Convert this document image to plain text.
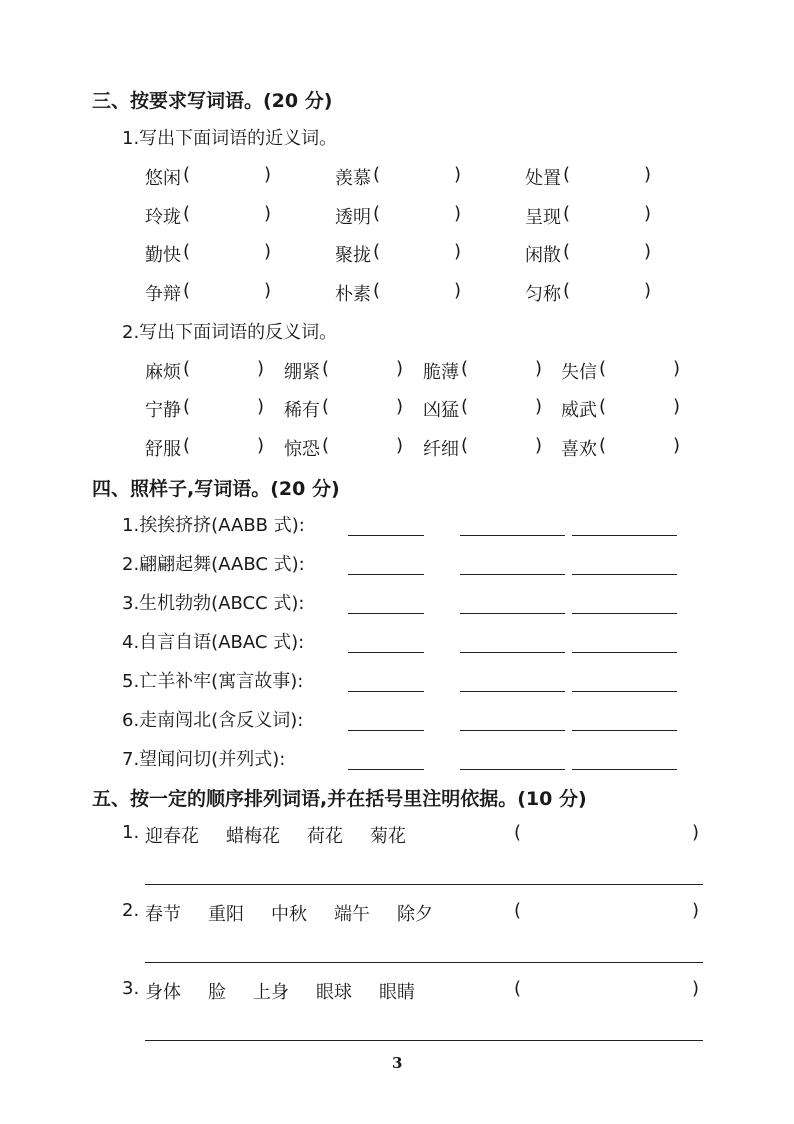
三、按要求写词语。(20 分)
1.写出下面词语的近义词。
悠闲 (	)	羡慕 (	)	处置 (	)
玲珑 (	)	透明 (	)	呈现 (	)
勤快 (	)	聚拢 (	)	闲散 (	)
争辩 (	)	朴素 (	)	匀称 (	)
2.写出下面词语的反义词。
麻烦 (	) 绷紧 (	) 脆薄 (	) 失信 (	)
宁静 (	) 稀有 (	) 凶猛 (	) 威武 (	)
舒服 (	) 惊恐 (	) 纤细 (	) 喜欢 (	)
四、照样子,写词语。(20 分)
1.挨挨挤挤(AABB 式):
2.翩翩起舞(AABC 式):
3.生机勃勃(ABCC 式):
4.自言自语(ABAC 式):
5.亡羊补牢(寓言故事):
6.走南闯北(含反义词):
7.望闻问切(并列式):
五、按一定的顺序排列词语,并在括号里注明依据。(10 分)
1. 迎春花 蜡梅花 荷花 菊花	(	)
2. 春节 重阳 中秋 端午 除夕	(	)
3. 身体 脸 上身 眼球 眼睛	(	)
3
